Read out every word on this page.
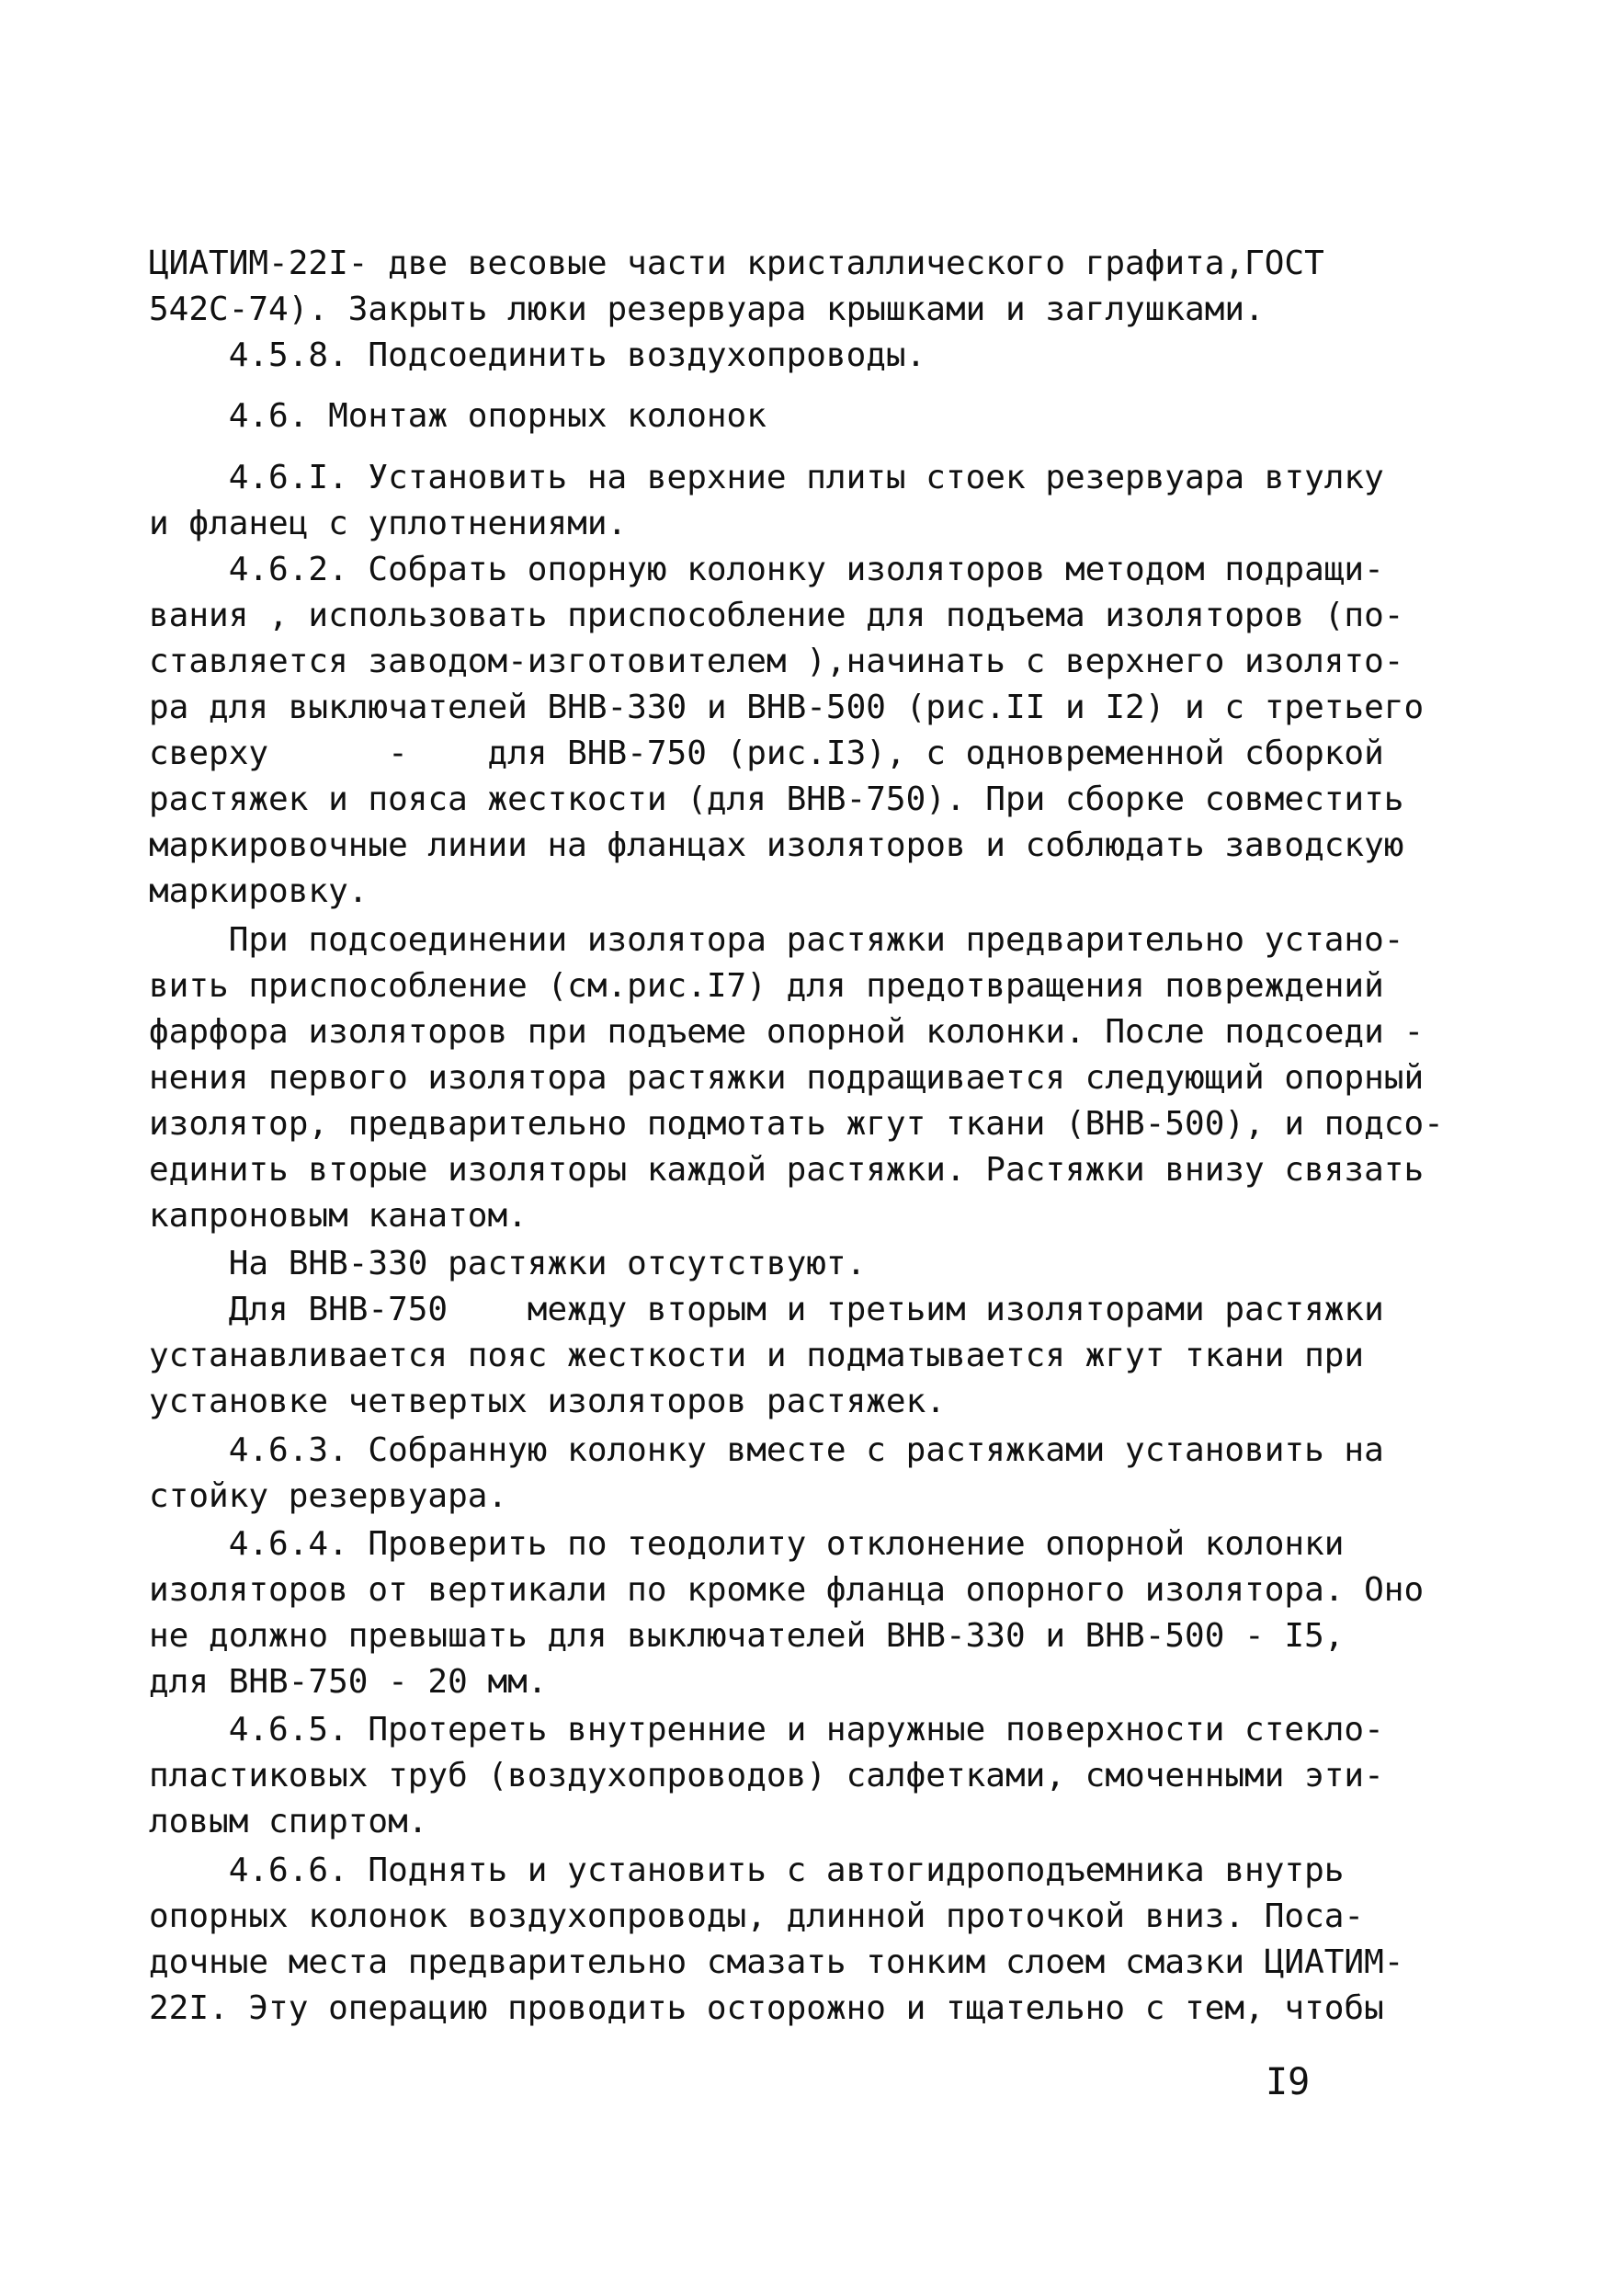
ЦИАТИМ-22I- две весовые части кристаллического графита,ГОСТ
542С-74). Закрыть люки резервуара крышками и заглушками.
4.5.8. Подсоединить воздухопроводы.
4.6. Монтаж опорных колонок
4.6.I. Установить на верхние плиты стоек резервуара втулку
и фланец с уплотнениями.
4.6.2. Собрать опорную колонку изоляторов методом подращи-
вания , использовать приспособление для подъема изоляторов (по-
ставляется заводом-изготовителем ),начинать с верхнего изолято-
ра для выключателей ВНВ-330 и ВНВ-500 (рис.II и I2) и с третьего
сверху      -    для ВНВ-750 (рис.I3), с одновременной сборкой
растяжек и пояса жесткости (для ВНВ-750). При сборке совместить
маркировочные линии на фланцах изоляторов и соблюдать заводскую
маркировку.
При подсоединении изолятора растяжки предварительно устано-
вить приспособление (см.рис.I7) для предотвращения повреждений
фарфора изоляторов при подъеме опорной колонки. После подсоеди -
нения первого изолятора растяжки подращивается следующий опорный
изолятор, предварительно подмотать жгут ткани (ВНВ-500), и подсо-
единить вторые изоляторы каждой растяжки. Растяжки внизу связать
капроновым канатом.
На ВНВ-330 растяжки отсутствуют.
Для ВНВ-750    между вторым и третьим изоляторами растяжки
устанавливается пояс жесткости и подматывается жгут ткани при
установке четвертых изоляторов растяжек.
4.6.3. Собранную колонку вместе с растяжками установить на
стойку резервуара.
4.6.4. Проверить по теодолиту отклонение опорной колонки
изоляторов от вертикали по кромке фланца опорного изолятора. Оно
не должно превышать для выключателей ВНВ-330 и ВНВ-500 - I5,
для ВНВ-750 - 20 мм.
4.6.5. Протереть внутренние и наружные поверхности стекло-
пластиковых труб (воздухопроводов) салфетками, смоченными эти-
ловым спиртом.
4.6.6. Поднять и установить с автогидроподъемника внутрь
опорных колонок воздухопроводы, длинной проточкой вниз. Поса-
дочные места предварительно смазать тонким слоем смазки ЦИАТИМ-
22I. Эту операцию проводить осторожно и тщательно с тем, чтобы
I9
